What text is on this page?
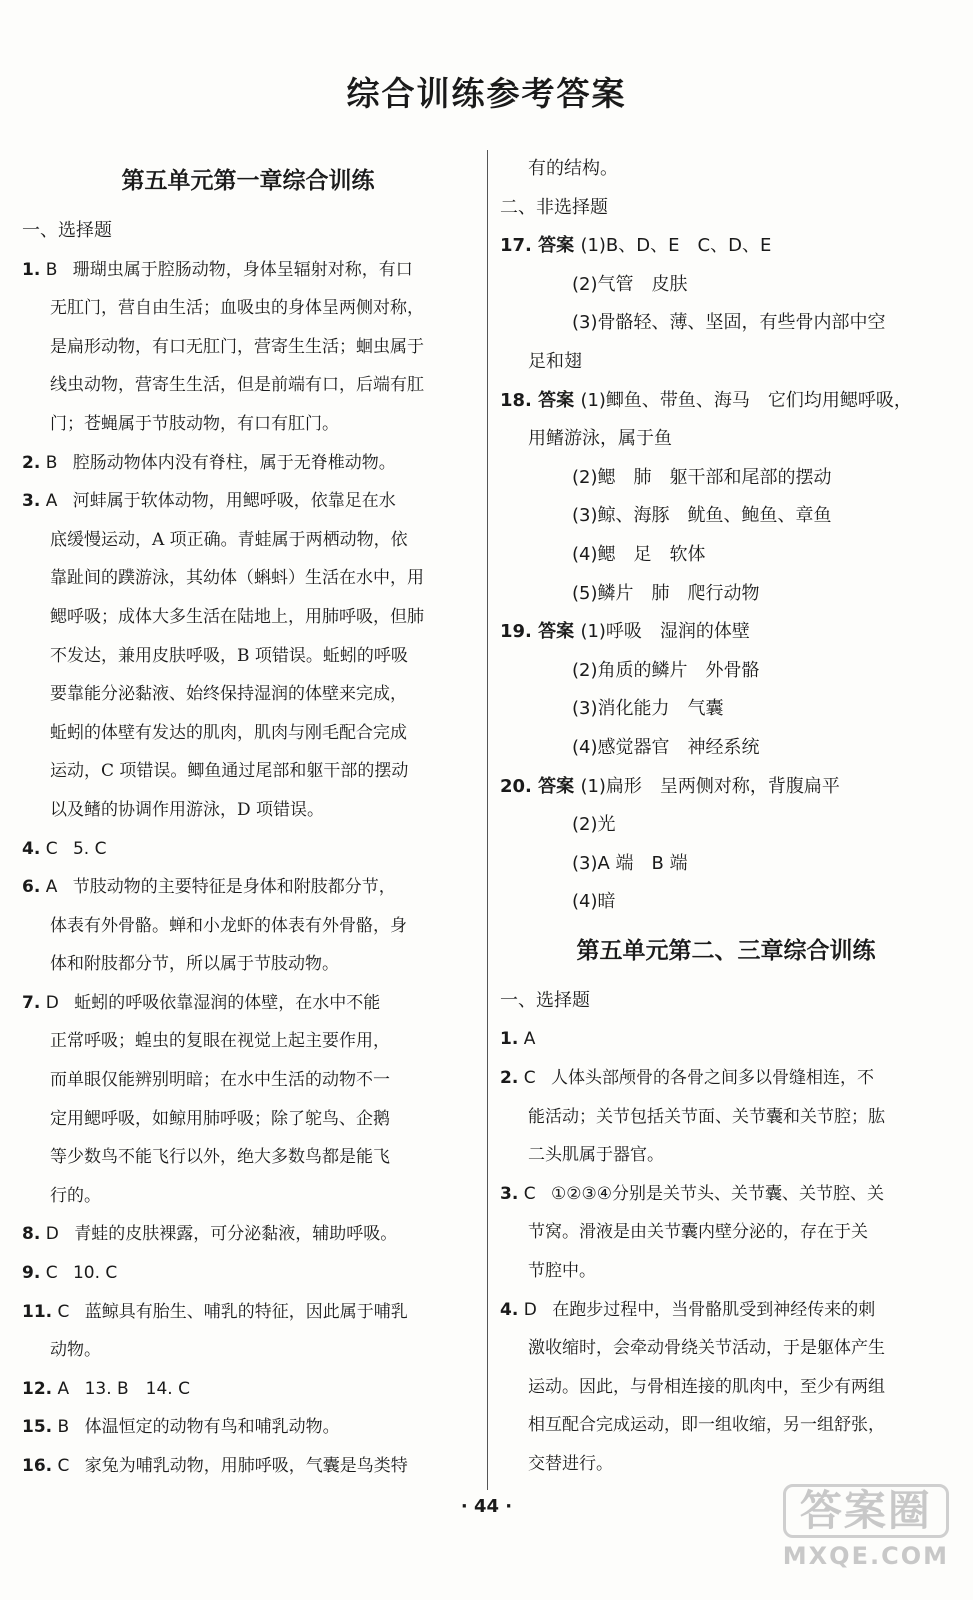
综合训练参考答案
第五单元第一章综合训练
一、选择题
1. B 珊瑚虫属于腔肠动物，身体呈辐射对称，有口
无肛门，营自由生活；血吸虫的身体呈两侧对称，
是扁形动物，有口无肛门，营寄生生活；蛔虫属于
线虫动物，营寄生生活，但是前端有口，后端有肛
门；苍蝇属于节肢动物，有口有肛门。
2. B 腔肠动物体内没有脊柱，属于无脊椎动物。
3. A 河蚌属于软体动物，用鳃呼吸，依靠足在水
底缓慢运动，A 项正确。青蛙属于两栖动物，依
靠趾间的蹼游泳，其幼体（蝌蚪）生活在水中，用
鳃呼吸；成体大多生活在陆地上，用肺呼吸，但肺
不发达，兼用皮肤呼吸，B 项错误。蚯蚓的呼吸
要靠能分泌黏液、始终保持湿润的体壁来完成，
蚯蚓的体壁有发达的肌肉，肌肉与刚毛配合完成
运动，C 项错误。鲫鱼通过尾部和躯干部的摆动
以及鳍的协调作用游泳，D 项错误。
4. C 5. C
6. A 节肢动物的主要特征是身体和附肢都分节，
体表有外骨骼。蝉和小龙虾的体表有外骨骼，身
体和附肢都分节，所以属于节肢动物。
7. D 蚯蚓的呼吸依靠湿润的体壁，在水中不能
正常呼吸；蝗虫的复眼在视觉上起主要作用，
而单眼仅能辨别明暗；在水中生活的动物不一
定用鳃呼吸，如鲸用肺呼吸；除了鸵鸟、企鹅
等少数鸟不能飞行以外，绝大多数鸟都是能飞
行的。
8. D 青蛙的皮肤裸露，可分泌黏液，辅助呼吸。
9. C 10. C
11. C 蓝鲸具有胎生、哺乳的特征，因此属于哺乳
动物。
12. A 13. B　14. C
15. B 体温恒定的动物有鸟和哺乳动物。
16. C 家兔为哺乳动物，用肺呼吸，气囊是鸟类特
有的结构。
二、非选择题
17. 答案 (1)B、D、E　C、D、E
(2)气管　皮肤
(3)骨骼轻、薄、坚固，有些骨内部中空
足和翅
18. 答案 (1)鲫鱼、带鱼、海马　它们均用鳃呼吸，
用鳍游泳，属于鱼
(2)鳃　肺　躯干部和尾部的摆动
(3)鲸、海豚　鱿鱼、鲍鱼、章鱼
(4)鳃　足　软体
(5)鳞片　肺　爬行动物
19. 答案 (1)呼吸　湿润的体壁
(2)角质的鳞片　外骨骼
(3)消化能力　气囊
(4)感觉器官　神经系统
20. 答案 (1)扁形　呈两侧对称，背腹扁平
(2)光
(3)A 端　B 端
(4)暗
第五单元第二、三章综合训练
一、选择题
1. A
2. C 人体头部颅骨的各骨之间多以骨缝相连，不
能活动；关节包括关节面、关节囊和关节腔；肱
二头肌属于器官。
3. C ①②③④分别是关节头、关节囊、关节腔、关
节窝。滑液是由关节囊内壁分泌的，存在于关
节腔中。
4. D 在跑步过程中，当骨骼肌受到神经传来的刺
激收缩时，会牵动骨绕关节活动，于是躯体产生
运动。因此，与骨相连接的肌肉中，至少有两组
相互配合完成运动，即一组收缩，另一组舒张，
交替进行。
· 44 ·	答案圈
MXQE.COM
